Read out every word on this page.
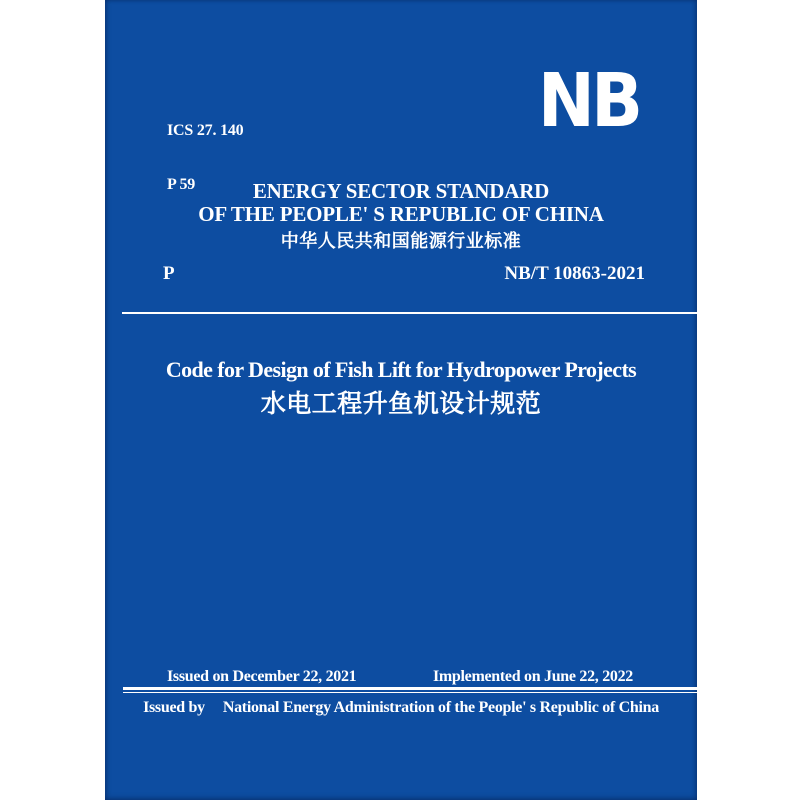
ICS 27. 140

P 59

NB
ENERGY SECTOR STANDARD
OF THE PEOPLE' S REPUBLIC OF CHINA
中华人民共和国能源行业标准
P	NB/T 10863-2021
Code for Design of Fish Lift for Hydropower Projects
水电工程升鱼机设计规范
Issued on December 22, 2021	Implemented on June 22, 2022
Issued by National Energy Administration of the People' s Republic of China
